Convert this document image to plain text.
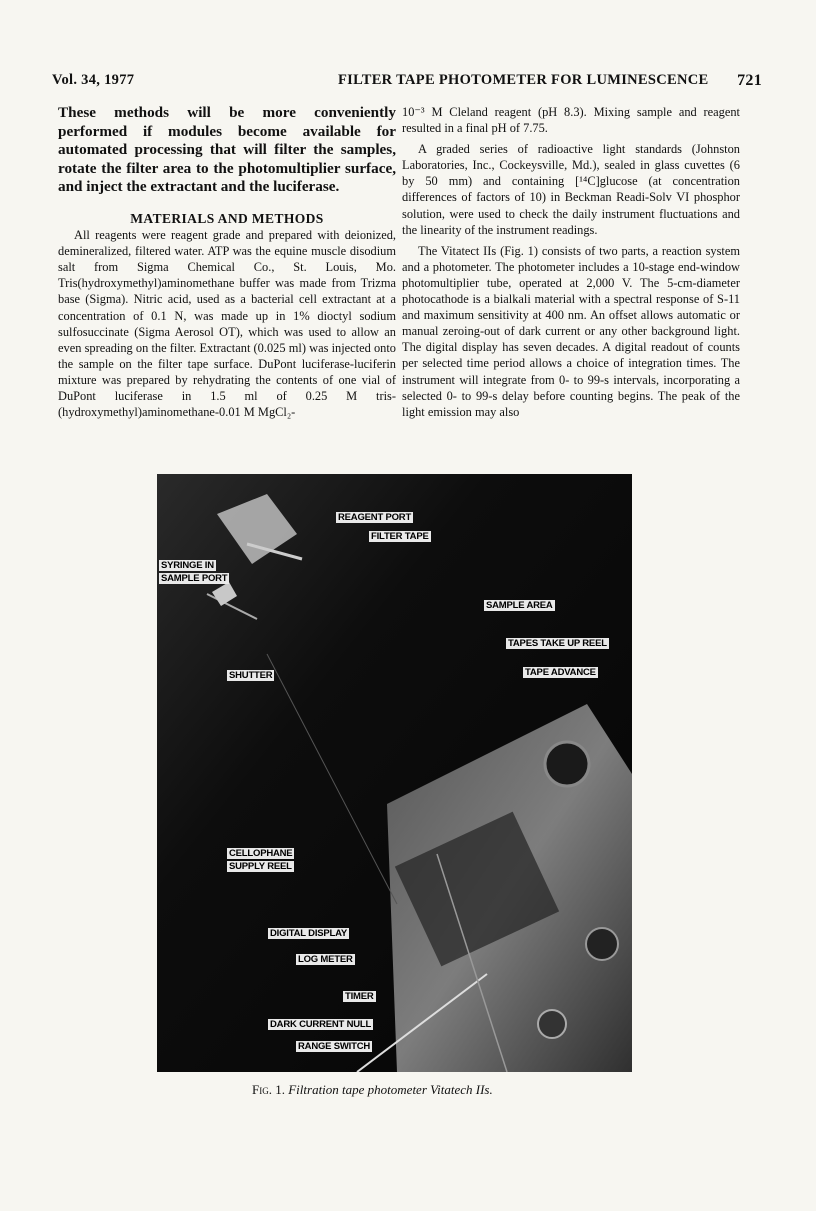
Vol. 34, 1977	FILTER TAPE PHOTOMETER FOR LUMINESCENCE 721

These methods will be more conveniently performed if modules become available for automated processing that will filter the samples, rotate the filter area to the photomultiplier surface, and inject the extractant and the luciferase.

MATERIALS AND METHODS

All reagents were reagent grade and prepared with deionized, demineralized, filtered water. ATP was the equine muscle disodium salt from Sigma Chemical Co., St. Louis, Mo. Tris(hydroxymethyl)aminomethane buffer was made from Trizma base (Sigma). Nitric acid, used as a bacterial cell extractant at a concentration of 0.1 N, was made up in 1% dioctyl sodium sulfosuccinate (Sigma Aerosol OT), which was used to allow an even spreading on the filter. Extractant (0.025 ml) was injected onto the sample on the filter tape surface. DuPont luciferase-luciferin mixture was prepared by rehydrating the contents of one vial of DuPont luciferase in 1.5 ml of 0.25 M tris-(hydroxymethyl)aminomethane-0.01 M MgCl₂-

10⁻³ M Cleland reagent (pH 8.3). Mixing sample and reagent resulted in a final pH of 7.75.

A graded series of radioactive light standards (Johnston Laboratories, Inc., Cockeysville, Md.), sealed in glass cuvettes (6 by 50 mm) and containing [¹⁴C]glucose (at concentration differences of factors of 10) in Beckman Readi-Solv VI phosphor solution, were used to check the daily instrument fluctuations and the linearity of the instrument readings.

The Vitatect IIs (Fig. 1) consists of two parts, a reaction system and a photometer. The photometer includes a 10-stage end-window photomultiplier tube, operated at 2,000 V. The 5-cm-diameter photocathode is a bialkali material with a spectral response of S-11 and maximum sensitivity at 400 nm. An offset allows automatic or manual zeroing-out of dark current or any other background light. The digital display has seven decades. A digital readout of counts per selected time period allows a choice of integration times. The instrument will integrate from 0- to 99-s intervals, incorporating a selected 0- to 99-s delay before counting begins. The peak of the light emission may also

REAGENT PORT
FILTER TAPE
SYRINGE IN
SAMPLE PORT
SAMPLE AREA
TAPES TAKE UP REEL
TAPE ADVANCE
SHUTTER
CELLOPHANE
SUPPLY REEL
DIGITAL DISPLAY
LOG METER
TIMER
DARK CURRENT NULL
RANGE SWITCH
Fig. 1. Filtration tape photometer Vitatech IIs.
